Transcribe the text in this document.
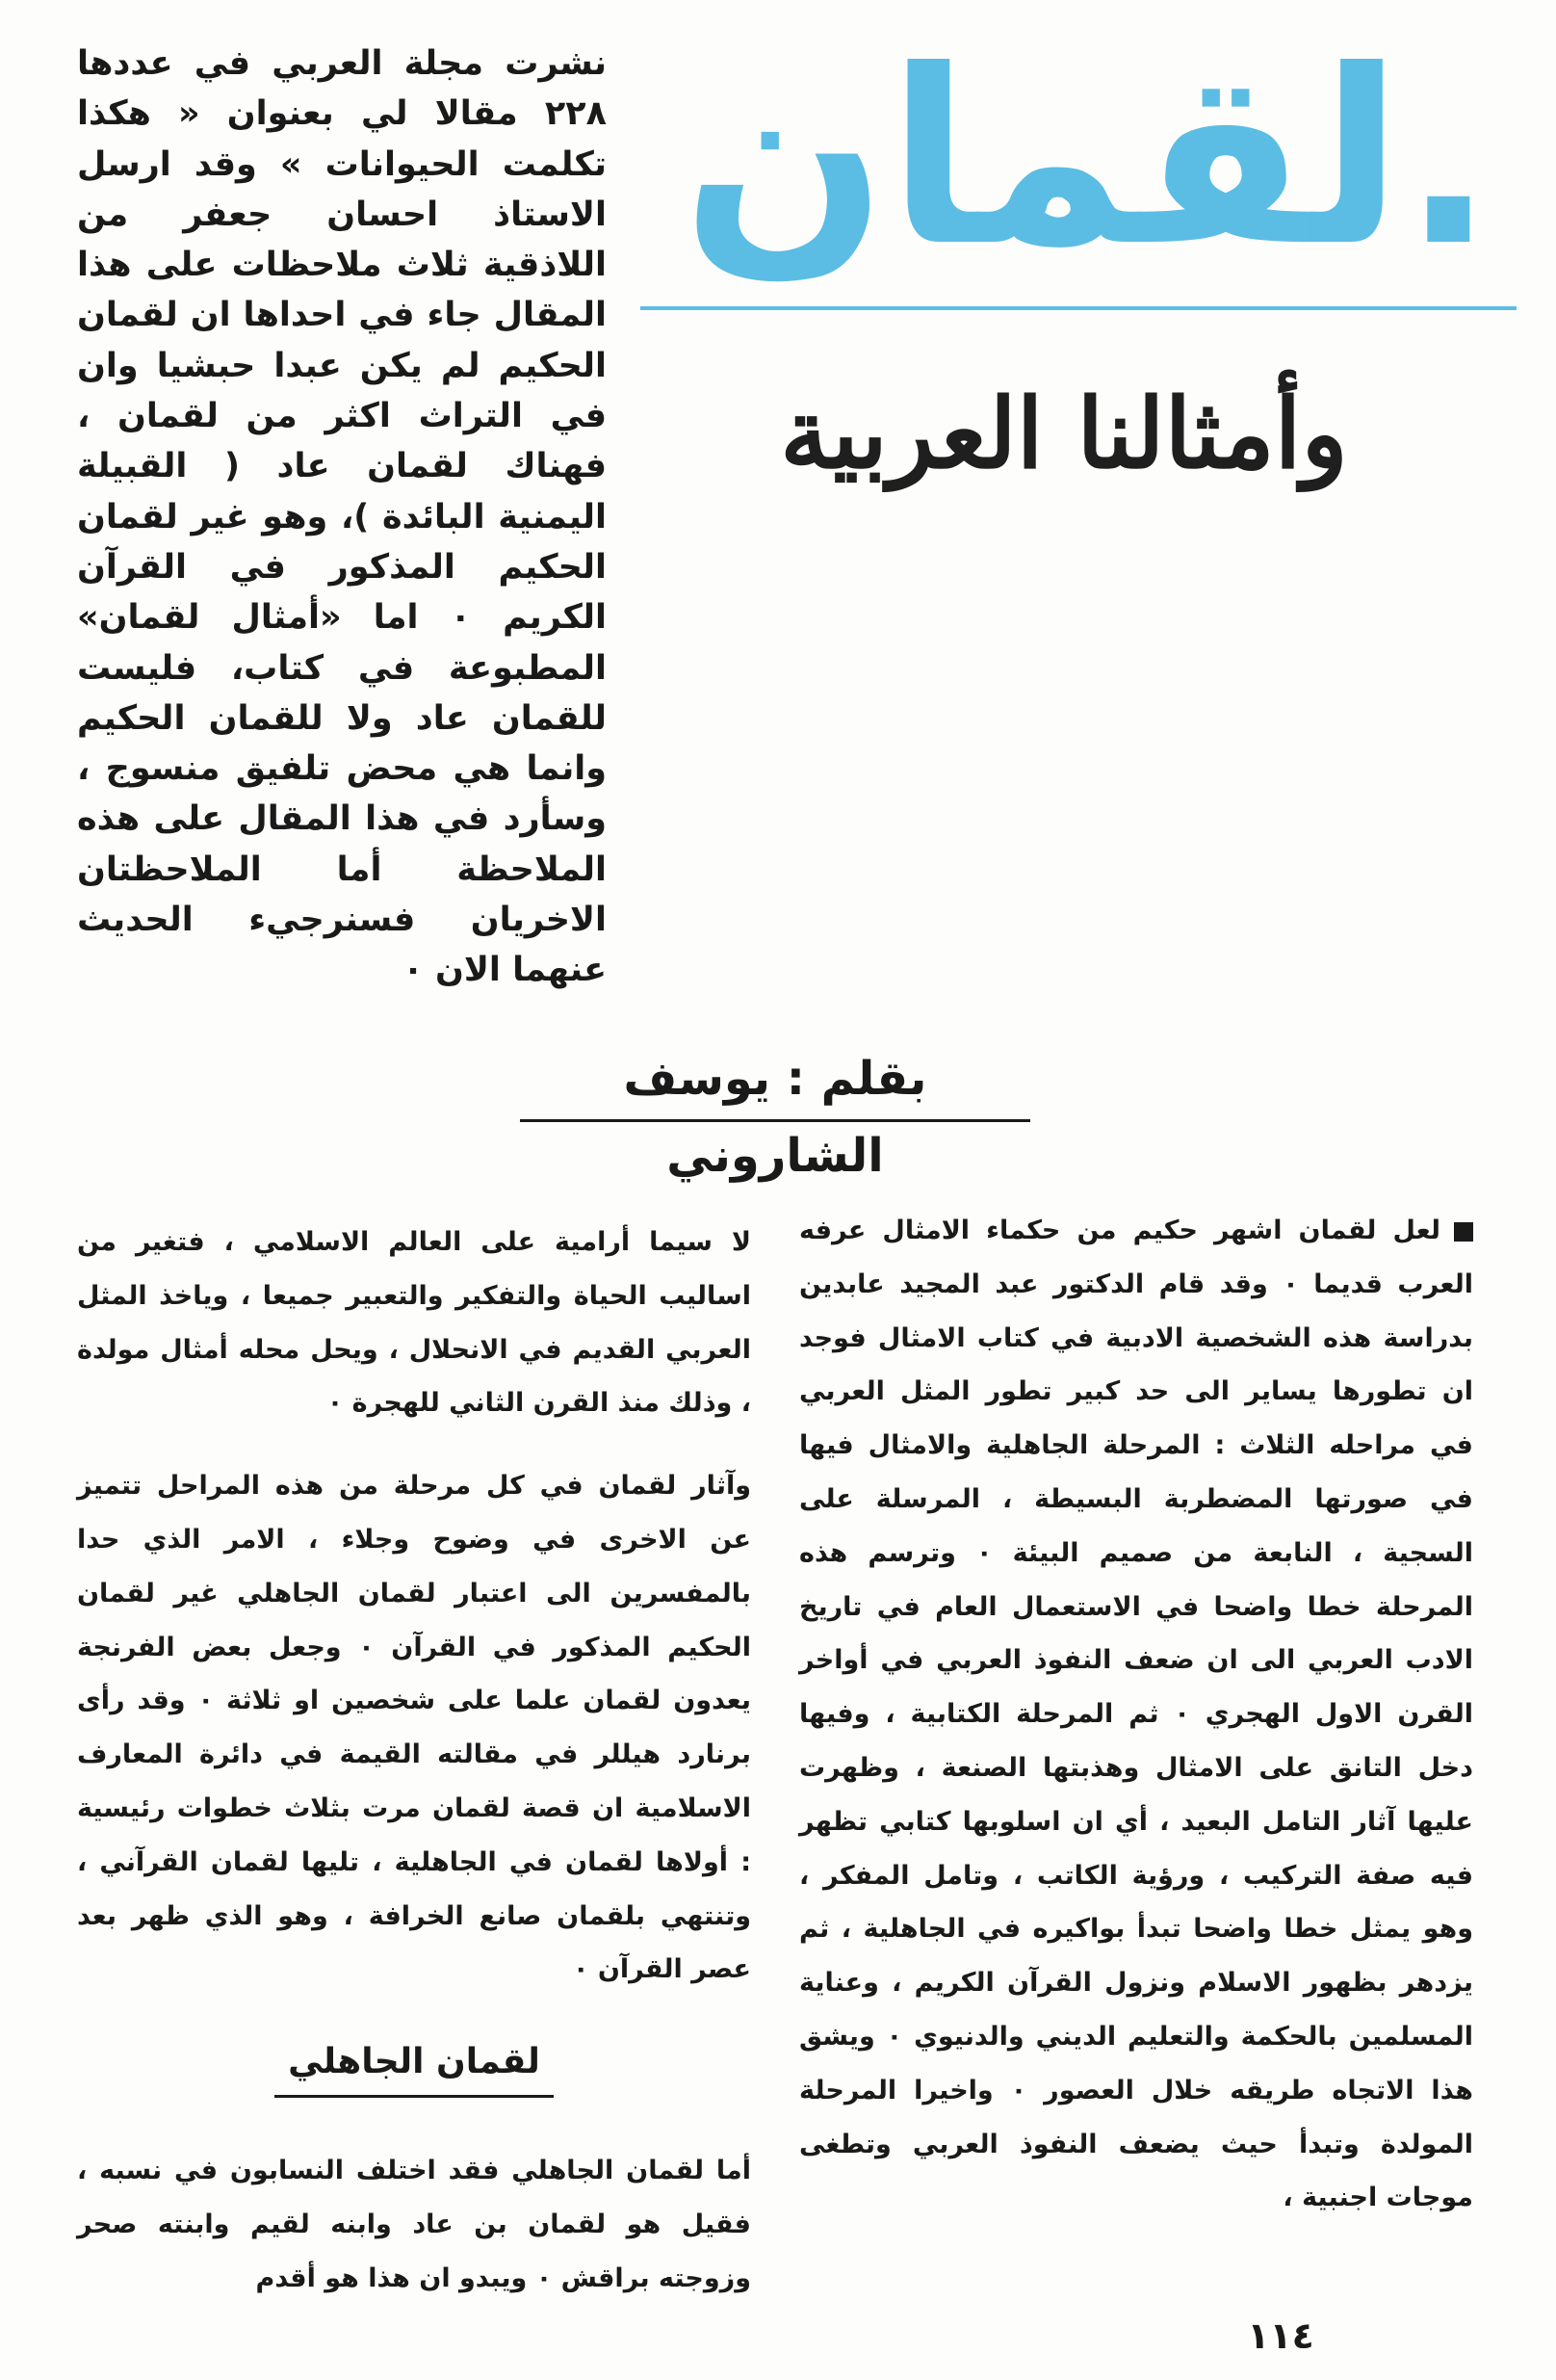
لقمان.
وأمثالنا العربية
نشرت مجلة العربي في عددها ٢٢٨ مقالا لي بعنوان « هكذا تكلمت الحيوانات » وقد ارسل الاستاذ احسان جعفر من اللاذقية ثلاث ملاحظات على هذا المقال جاء في احداها ان لقمان الحكيم لم يكن عبدا حبشيا وان في التراث اكثر من لقمان ، فهناك لقمان عاد ( القبيلة اليمنية البائدة )، وهو غير لقمان الحكيم المذكور في القرآن الكريم ٠ اما «أمثال لقمان» المطبوعة في كتاب، فليست للقمان عاد ولا للقمان الحكيم وانما هي محض تلفيق منسوج ، وسأرد في هذا المقال على هذه الملاحظة أما الملاحظتان الاخريان فسنرجيء الحديث عنهما الان ٠
بقلم : يوسف الشاروني

لعل لقمان اشهر حكيم من حكماء الامثال عرفه العرب قديما ٠ وقد قام الدكتور عبد المجيد عابدين بدراسة هذه الشخصية الادبية في كتاب الامثال فوجد ان تطورها يساير الى حد كبير تطور المثل العربي في مراحله الثلاث : المرحلة الجاهلية والامثال فيها في صورتها المضطربة البسيطة ، المرسلة على السجية ، النابعة من صميم البيئة ٠ وترسم هذه المرحلة خطا واضحا في الاستعمال العام في تاريخ الادب العربي الى ان ضعف النفوذ العربي في أواخر القرن الاول الهجري ٠ ثم المرحلة الكتابية ، وفيها دخل التانق على الامثال وهذبتها الصنعة ، وظهرت عليها آثار التامل البعيد ، أي ان اسلوبها كتابي تظهر فيه صفة التركيب ، ورؤية الكاتب ، وتامل المفكر ، وهو يمثل خطا واضحا تبدأ بواكيره في الجاهلية ، ثم يزدهر بظهور الاسلام ونزول القرآن الكريم ، وعناية المسلمين بالحكمة والتعليم الديني والدنيوي ٠ ويشق هذا الاتجاه طريقه خلال العصور ٠ واخيرا المرحلة المولدة وتبدأ حيث يضعف النفوذ العربي وتطغى موجات اجنبية ،

لا سيما أرامية على العالم الاسلامي ، فتغير من اساليب الحياة والتفكير والتعبير جميعا ، وياخذ المثل العربي القديم في الانحلال ، ويحل محله أمثال مولدة ، وذلك منذ القرن الثاني للهجرة ٠

وآثار لقمان في كل مرحلة من هذه المراحل تتميز عن الاخرى في وضوح وجلاء ، الامر الذي حدا بالمفسرين الى اعتبار لقمان الجاهلي غير لقمان الحكيم المذكور في القرآن ٠ وجعل بعض الفرنجة يعدون لقمان علما على شخصين او ثلاثة ٠ وقد رأى برنارد هيللر في مقالته القيمة في دائرة المعارف الاسلامية ان قصة لقمان مرت بثلاث خطوات رئيسية : أولاها لقمان في الجاهلية ، تليها لقمان القرآني ، وتنتهي بلقمان صانع الخرافة ، وهو الذي ظهر بعد عصر القرآن ٠

لقمان الجاهلي

أما لقمان الجاهلي فقد اختلف النسابون في نسبه ، فقيل هو لقمان بن عاد وابنه لقيم وابنته صحر وزوجته براقش ٠ ويبدو ان هذا هو أقدم

١١٤
